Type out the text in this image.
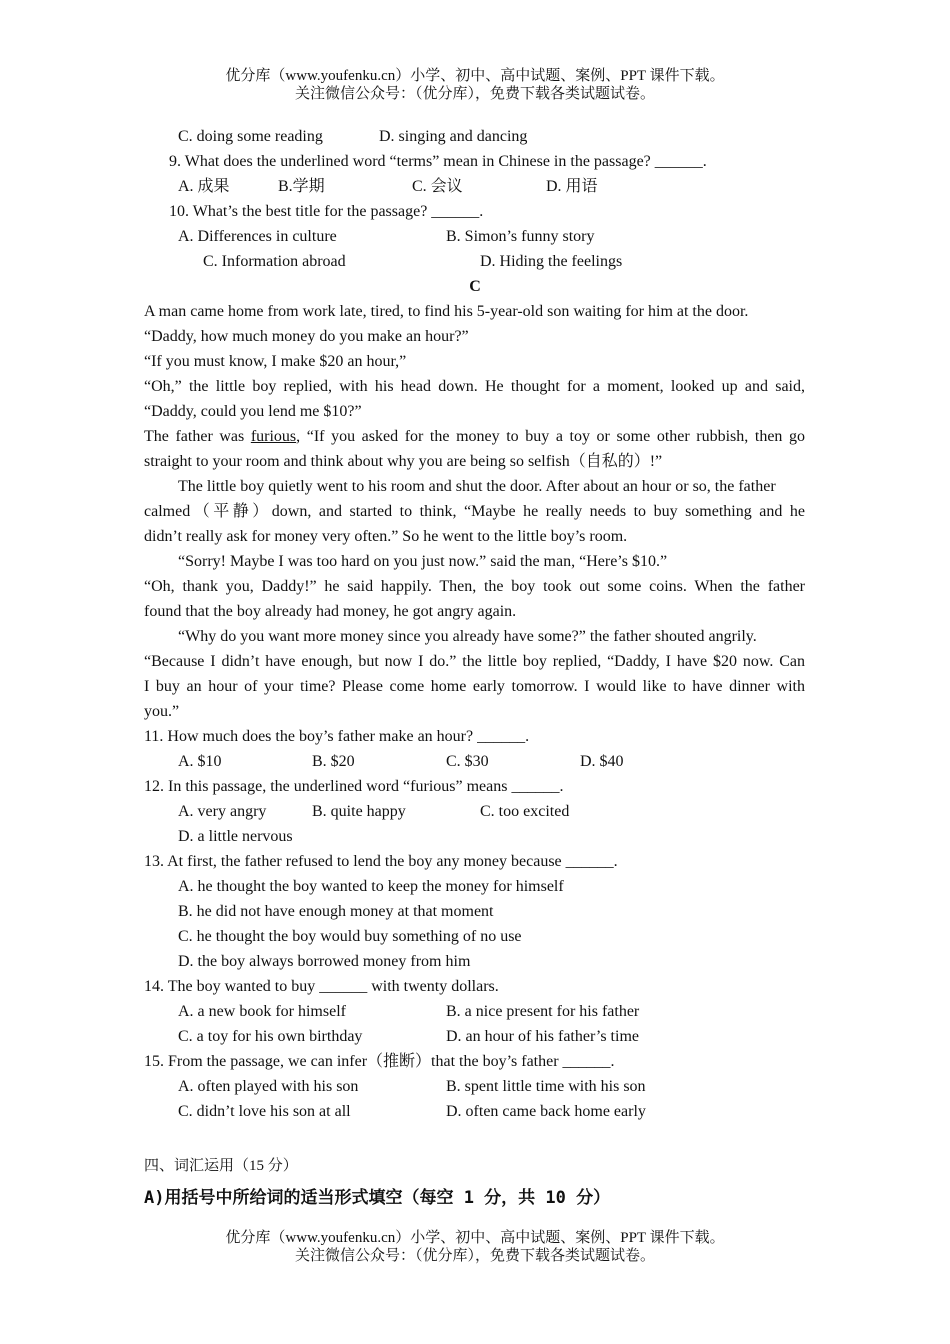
优分库（www.youfenku.cn）小学、初中、高中试题、案例、PPT 课件下载。
关注微信公众号：（优分库），免费下载各类试题试卷。
C. doing some reading	D. singing and dancing
9. What does the underlined word “terms” mean in Chinese in the passage? ______.
A. 成果	B.学期	C. 会议	D. 用语
10. What’s the best title for the passage? ______.
A. Differences in culture	B. Simon’s funny story
C. Information abroad	D. Hiding the feelings
C
A man came home from work late, tired, to find his 5-year-old son waiting for him at the door.
“Daddy, how much money do you make an hour?”
“If you must know, I make $20 an hour,”
“Oh,” the little boy replied, with his head down. He thought for a moment, looked up and said,
“Daddy, could you lend me $10?”
The father was furious, “If you asked for the money to buy a toy or some other rubbish, then go
straight to your room and think about why you are being so selfish（自私的）!”
The little boy quietly went to his room and shut the door. After about an hour or so, the father
calmed（平静）down, and started to think, “Maybe he really needs to buy something and he
didn’t really ask for money very often.” So he went to the little boy’s room.
“Sorry! Maybe I was too hard on you just now.” said the man, “Here’s $10.”
“Oh, thank you, Daddy!” he said happily. Then, the boy took out some coins. When the father
found that the boy already had money, he got angry again.
“Why do you want more money since you already have some?” the father shouted angrily.
“Because I didn’t have enough, but now I do.” the little boy replied, “Daddy, I have $20 now. Can
I buy an hour of your time? Please come home early tomorrow. I would like to have dinner with
you.”
11. How much does the boy’s father make an hour? ______.
A. $10	B. $20	C. $30	D. $40
12. In this passage, the underlined word “furious” means ______.
A. very angry	B. quite happy	C. too excited
D. a little nervous
13. At first, the father refused to lend the boy any money because ______.
A. he thought the boy wanted to keep the money for himself
B. he did not have enough money at that moment
C. he thought the boy would buy something of no use
D. the boy always borrowed money from him
14. The boy wanted to buy ______ with twenty dollars.
A. a new book for himself	B. a nice present for his father
C. a toy for his own birthday	D. an hour of his father’s time
15. From the passage, we can infer（推断）that the boy’s father ______.
A. often played with his son	B. spent little time with his son
C. didn’t love his son at all	D. often came back home early
四、词汇运用（15 分）
A)用括号中所给词的适当形式填空（每空 1 分，共 10 分）
优分库（www.youfenku.cn）小学、初中、高中试题、案例、PPT 课件下载。
关注微信公众号：（优分库），免费下载各类试题试卷。
